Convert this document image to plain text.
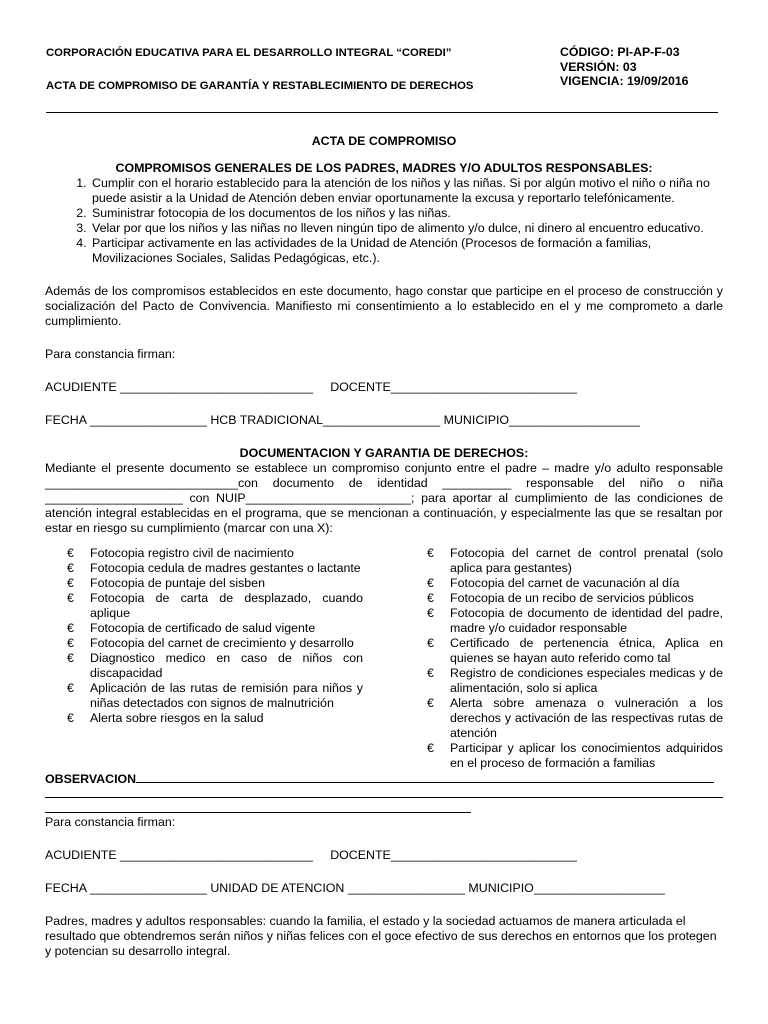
CORPORACIÓN EDUCATIVA PARA EL DESARROLLO INTEGRAL “COREDI”
ACTA DE COMPROMISO DE GARANTÍA Y RESTABLECIMIENTO DE DERECHOS
CÓDIGO: PI-AP-F-03
VERSIÓN: 03
VIGENCIA: 19/09/2016
ACTA DE COMPROMISO
COMPROMISOS GENERALES DE LOS PADRES, MADRES Y/O ADULTOS RESPONSABLES:
1. Cumplir con el horario establecido para la atención de los niños y las niñas. Si por algún motivo el niño o niña no puede asistir a la Unidad de Atención deben enviar oportunamente la excusa y reportarlo telefónicamente.
2. Suministrar fotocopia de los documentos de los niños y las niñas.
3. Velar por que los niños y las niñas no lleven ningún tipo de alimento y/o dulce, ni dinero al encuentro educativo.
4. Participar activamente en las actividades de la Unidad de Atención (Procesos de formación a familias, Movilizaciones Sociales, Salidas Pedagógicas, etc.).

Además de los compromisos establecidos en este documento, hago constar que participe en el proceso de construcción y socialización del Pacto de Convivencia. Manifiesto mi consentimiento a lo establecido en el y me comprometo a darle cumplimiento.

Para constancia firman:

ACUDIENTE ____________________________ DOCENTE___________________________

FECHA _________________ HCB TRADICIONAL_________________ MUNICIPIO___________________

DOCUMENTACION Y GARANTIA DE DERECHOS:

Mediante el presente documento se establece un compromiso conjunto entre el padre – madre y/o adulto responsable ____________________________con documento de identidad __________ responsable del niño o niña ____________________ con NUIP________________________; para aportar al cumplimiento de las condiciones de atención integral establecidas en el programa, que se mencionan a continuación, y especialmente las que se resaltan por estar en riesgo su cumplimiento (marcar con una X):

€ Fotocopia registro civil de nacimiento
€ Fotocopia cedula de madres gestantes o lactante
€ Fotocopia de puntaje del sisben
€ Fotocopia de carta de desplazado, cuando aplique
€ Fotocopia de certificado de salud vigente
€ Fotocopia del carnet de crecimiento y desarrollo
€ Diagnostico medico en caso de niños con discapacidad
€ Aplicación de las rutas de remisión para niños y niñas detectados con signos de malnutrición
€ Alerta sobre riesgos en la salud
€ Fotocopia del carnet de control prenatal (solo aplica para gestantes)
€ Fotocopia del carnet de vacunación al día
€ Fotocopia de un recibo de servicios públicos
€ Fotocopia de documento de identidad del padre, madre y/o cuidador responsable
€ Certificado de pertenencia étnica, Aplica en quienes se hayan auto referido como tal
€ Registro de condiciones especiales medicas y de alimentación, solo si aplica
€ Alerta sobre amenaza o vulneración a los derechos y activación de las respectivas rutas de atención
€ Participar y aplicar los conocimientos adquiridos en el proceso de formación a familias

OBSERVACION

Para constancia firman:

ACUDIENTE ____________________________ DOCENTE___________________________

FECHA _________________ UNIDAD DE ATENCION _________________ MUNICIPIO___________________

Padres, madres y adultos responsables: cuando la familia, el estado y la sociedad actuamos de manera articulada el resultado que obtendremos serán niños y niñas felices con el goce efectivo de sus derechos en entornos que los protegen y potencian su desarrollo integral.
